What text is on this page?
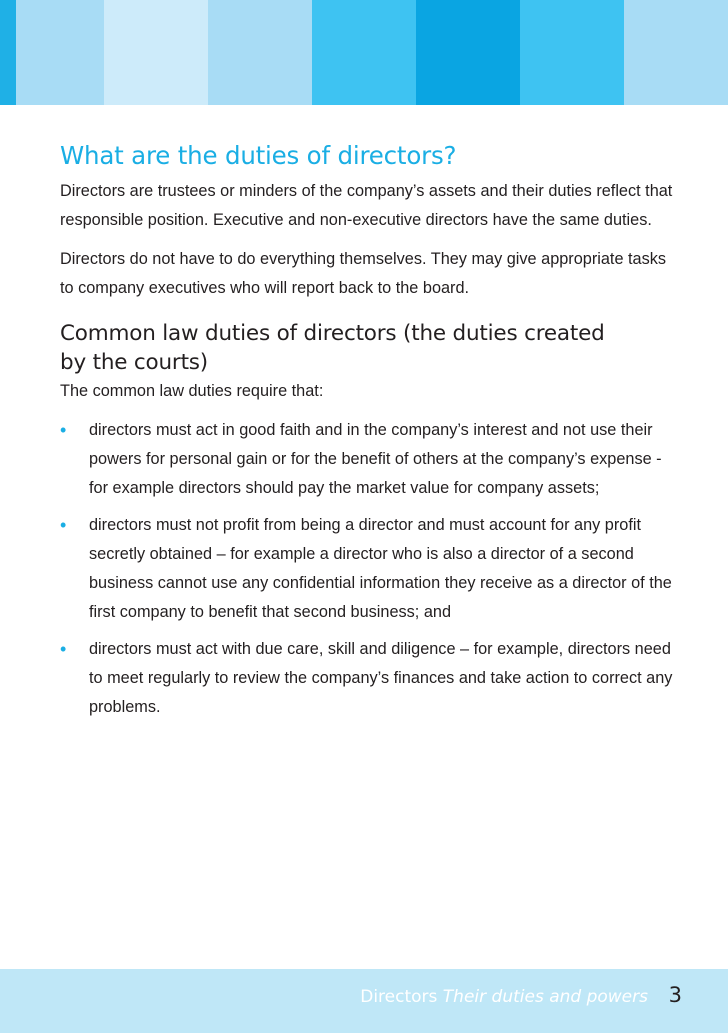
What are the duties of directors?

Directors are trustees or minders of the company’s assets and their duties reflect that responsible position. Executive and non-executive directors have the same duties.

Directors do not have to do everything themselves. They may give appropriate tasks to company executives who will report back to the board.

Common law duties of directors (the duties created
by the courts)

The common law duties require that:

• directors must act in good faith and in the company’s interest and not use their powers for personal gain or for the benefit of others at the company’s expense - for example directors should pay the market value for company assets;
• directors must not profit from being a director and must account for any profit secretly obtained – for example a director who is also a director of a second business cannot use any confidential information they receive as a director of the first company to benefit that second business; and
• directors must act with due care, skill and diligence – for example, directors need to meet regularly to review the company’s finances and take action to correct any problems.
Directors Their duties and powers 3
